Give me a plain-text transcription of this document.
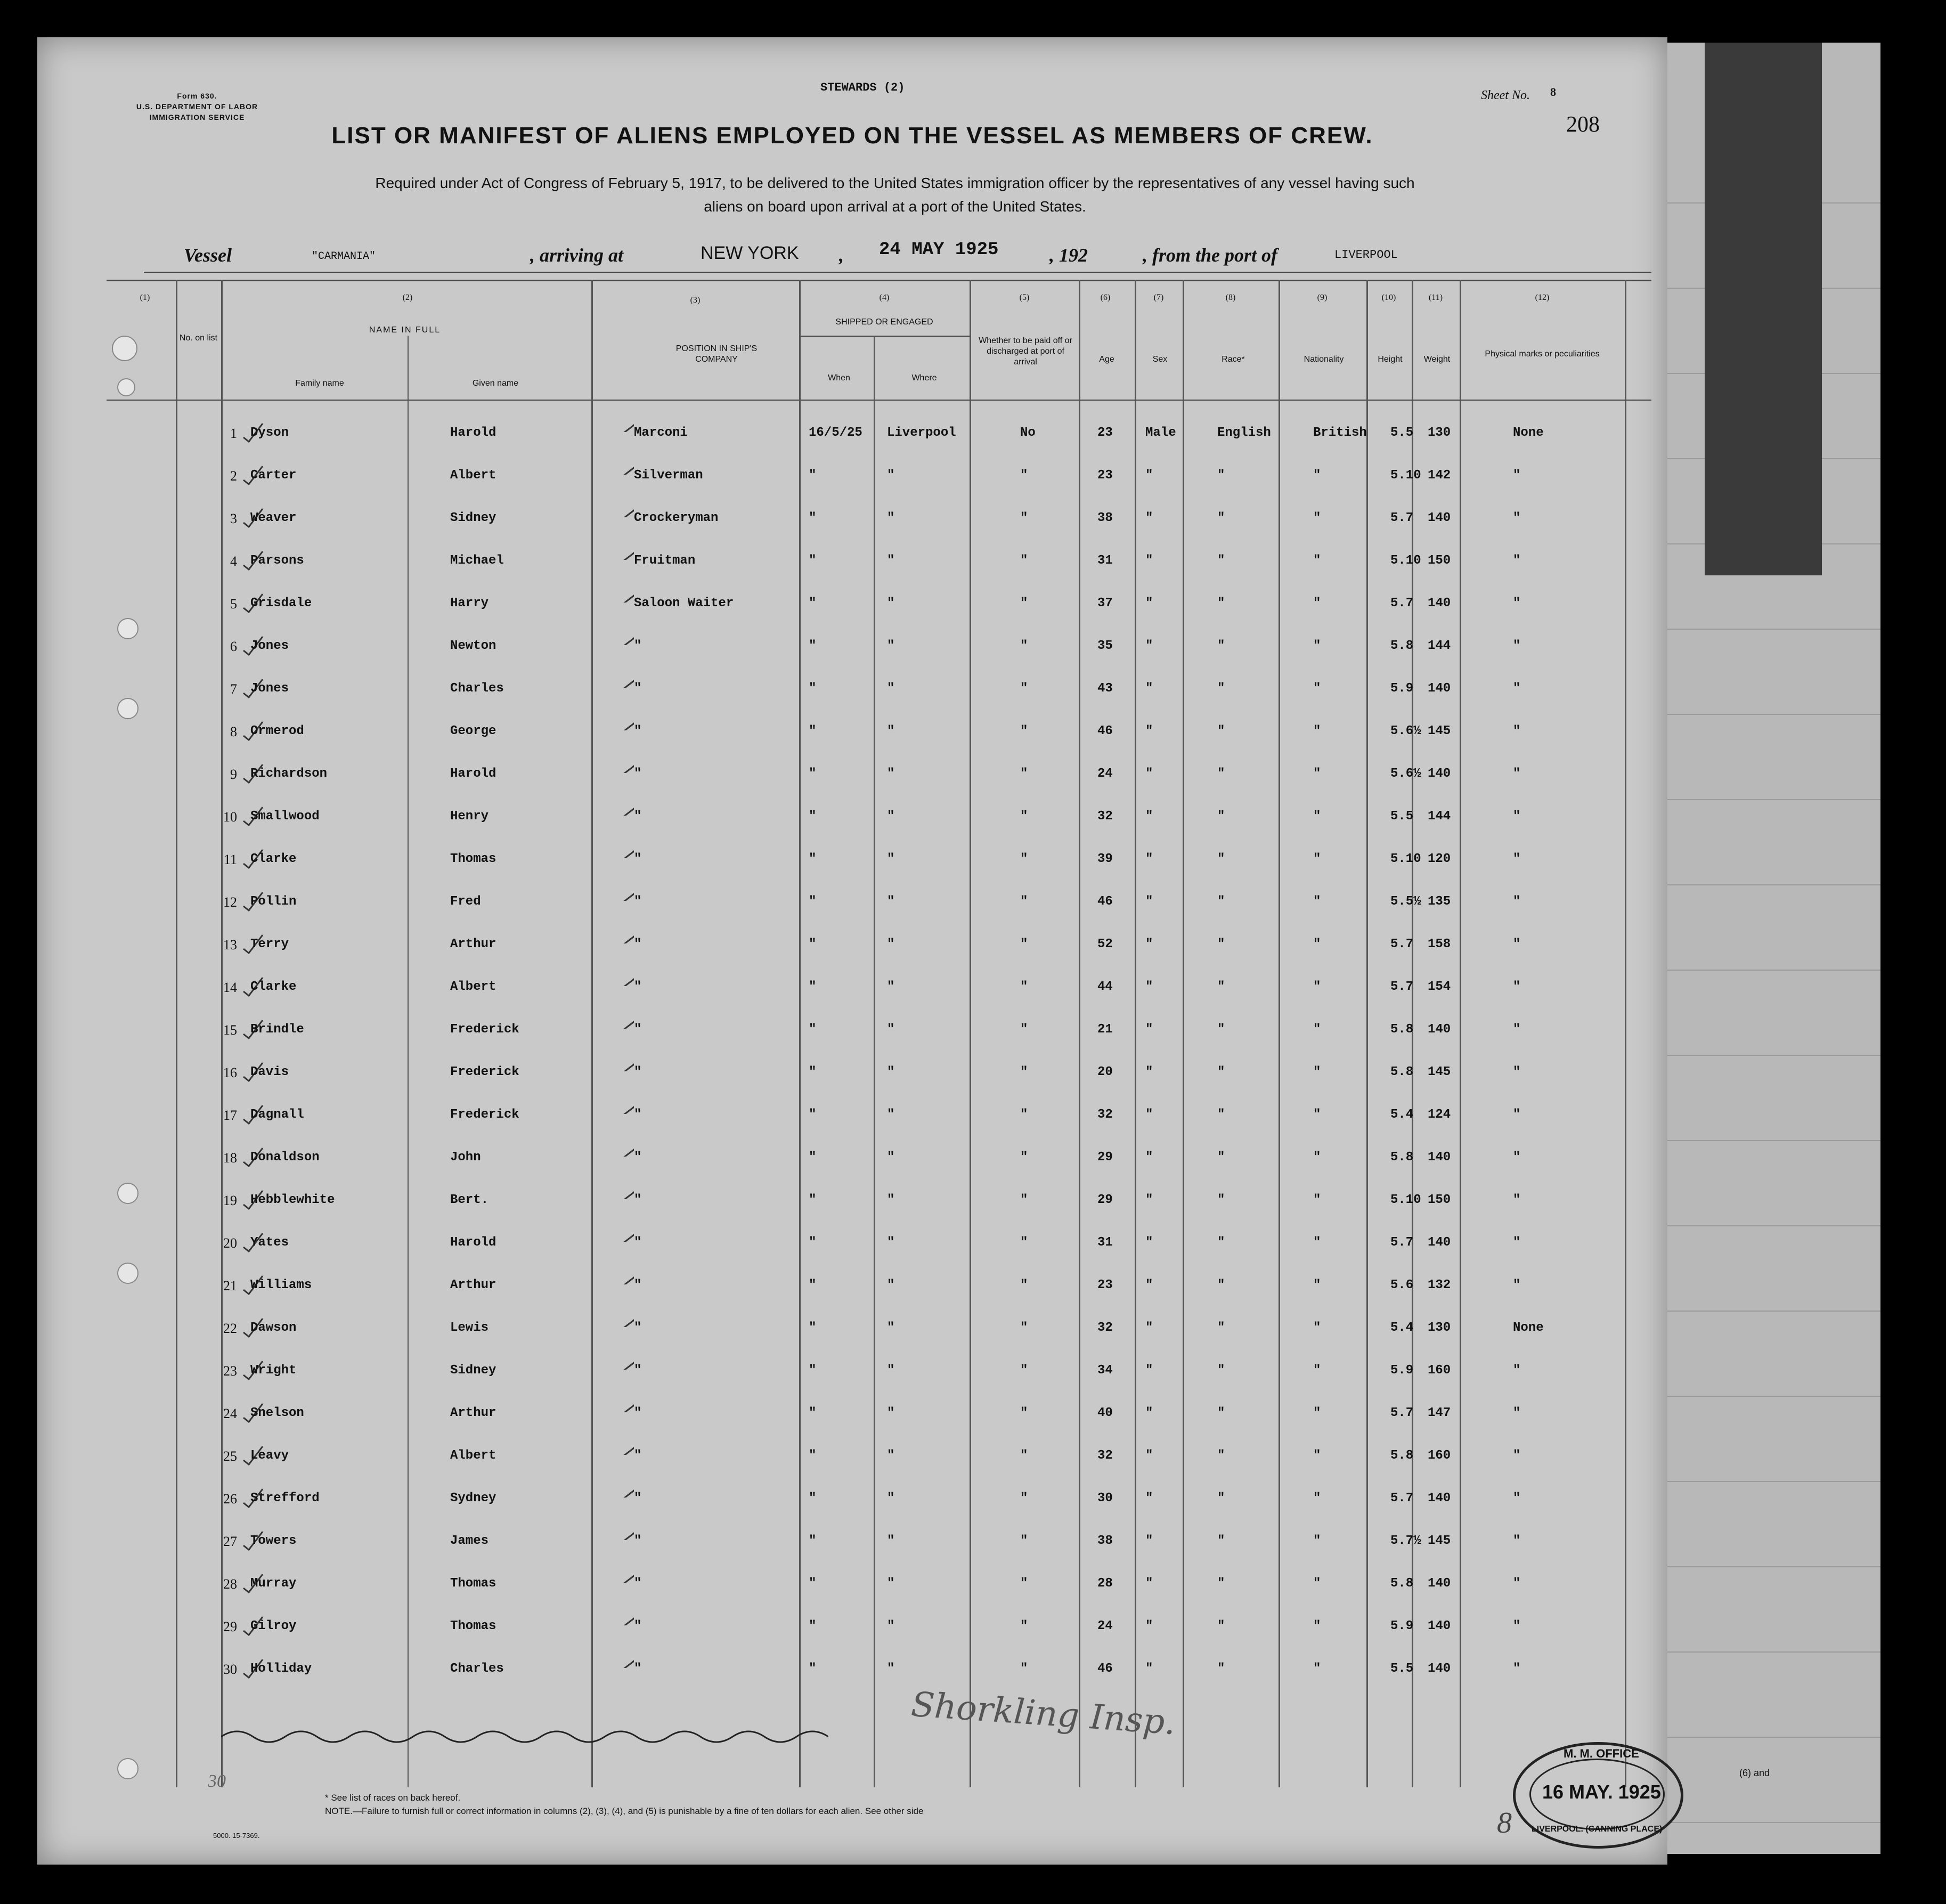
(6) and
Form 630.
U.S. DEPARTMENT OF LABOR
IMMIGRATION SERVICE
STEWARDS (2)
Sheet No. 8
208
LIST OR MANIFEST OF ALIENS EMPLOYED ON THE VESSEL AS MEMBERS OF CREW.
Required under Act of Congress of February 5, 1917, to be delivered to the United States immigration officer by the representatives of any vessel having such
aliens on board upon arrival at a port of the United States.
Vessel	"CARMANIA"	, arriving at	NEW YORK , 24 MAY 1925	, 192	, from the port of	LIVERPOOL
(1)	(2)	(3)	(4)	(5)	(6)	(7)	(8)	(9)	(10)	(11)	(12)
No. on list
NAME IN FULL
Family name	Given name
POSITION IN SHIP'S COMPANY
SHIPPED OR ENGAGED
When	Where
Whether to be paid off or discharged at port of arrival	Age	Sex	Race*	Nationality	Height	Weight
Physical marks or peculiarities
1 Dyson	Harold	Marconi	16/5/25 Liverpool	No	23	Male	English	British 5.5 130	None
2 Carter	Albert	Silverman	"	"	"	23	"	"	"	5.10 142	"
3 Weaver	Sidney	Crockeryman	"	"	"	38	"	"	"	5.7 140	"
4 Parsons	Michael	Fruitman	"	"	"	31	"	"	"	5.10 150	"
5 Grisdale	Harry	Saloon Waiter	"	"	"	37	"	"	"	5.7 140	"
6 Jones	Newton	"	"	"	"	35	"	"	"	5.8 144	"
7 Jones	Charles	"	"	"	"	43	"	"	"	5.9 140	"
8 Ormerod	George	"	"	"	"	46	"	"	"	5.6½ 145	"
9 Richardson	Harold	"	"	"	"	24	"	"	"	5.6½ 140	"
10 Smallwood	Henry	"	"	"	"	32	"	"	"	5.5 144	"
11 Clarke	Thomas	"	"	"	"	39	"	"	"	5.10 120	"
12 Pollin	Fred	"	"	"	"	46	"	"	"	5.5½ 135	"
13 Terry	Arthur	"	"	"	"	52	"	"	"	5.7 158	"
14 Clarke	Albert	"	"	"	"	44	"	"	"	5.7 154	"
15 Brindle	Frederick	"	"	"	"	21	"	"	"	5.8 140	"
16 Davis	Frederick	"	"	"	"	20	"	"	"	5.8 145	"
17 Dagnall	Frederick	"	"	"	"	32	"	"	"	5.4 124	"
18 Donaldson	John	"	"	"	"	29	"	"	"	5.8 140	"
19 Hebblewhite	Bert.	"	"	"	"	29	"	"	"	5.10 150	"
20 Yates	Harold	"	"	"	"	31	"	"	"	5.7 140	"
21 Williams	Arthur	"	"	"	"	23	"	"	"	5.6 132	"
22 Dawson	Lewis	"	"	"	"	32	"	"	"	5.4 130	None
23 Wright	Sidney	"	"	"	"	34	"	"	"	5.9 160	"
24 Snelson	Arthur	"	"	"	"	40	"	"	"	5.7 147	"
25 Leavy	Albert	"	"	"	"	32	"	"	"	5.8 160	"
26 Strefford	Sydney	"	"	"	"	30	"	"	"	5.7 140	"
27 Towers	James	"	"	"	"	38	"	"	"	5.7½ 145	"
28 Murray	Thomas	"	"	"	"	28	"	"	"	5.8 140	"
29 Gilroy	Thomas	"	"	"	"	24	"	"	"	5.9 140	"
30 Holliday	Charles	"	"	"	"	46	"	"	"	5.5 140	"
Shorkling Insp.
M. M. OFFICE
16 MAY. 1925
LIVERPOOL. (CANNING PLACE)
30
8
* See list of races on back hereof.
NOTE.—Failure to furnish full or correct information in columns (2), (3), (4), and (5) is punishable by a fine of ten dollars for each alien. See other side
5000. 15-7369.
